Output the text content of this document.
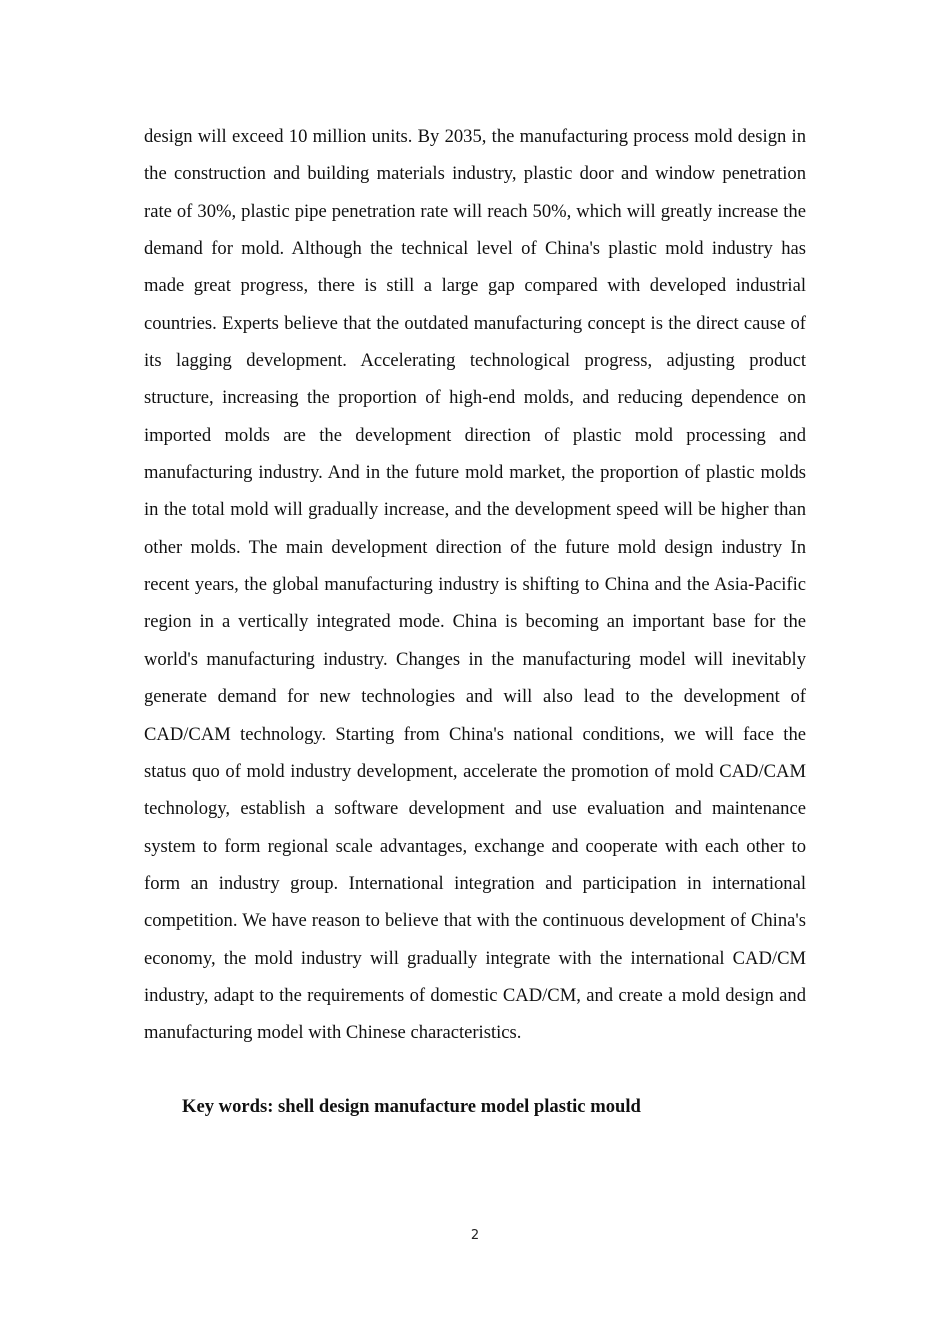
design will exceed 10 million units. By 2035, the manufacturing process mold design in the construction and building materials industry, plastic door and window penetration rate of 30%, plastic pipe penetration rate will reach 50%, which will greatly increase the demand for mold. Although the technical level of China's plastic mold industry has made great progress, there is still a large gap compared with developed industrial countries. Experts believe that the outdated manufacturing concept is the direct cause of its lagging development. Accelerating technological progress, adjusting product structure, increasing the proportion of high-end molds, and reducing dependence on imported molds are the development direction of plastic mold processing and manufacturing industry. And in the future mold market, the proportion of plastic molds in the total mold will gradually increase, and the development speed will be higher than other molds. The main development direction of the future mold design industry In recent years, the global manufacturing industry is shifting to China and the Asia-Pacific region in a vertically integrated mode. China is becoming an important base for the world's manufacturing industry. Changes in the manufacturing model will inevitably generate demand for new technologies and will also lead to the development of CAD/CAM technology. Starting from China's national conditions, we will face the status quo of mold industry development, accelerate the promotion of mold CAD/CAM technology, establish a software development and use evaluation and maintenance system to form regional scale advantages, exchange and cooperate with each other to form an industry group. International integration and participation in international competition. We have reason to believe that with the continuous development of China's economy, the mold industry will gradually integrate with the international CAD/CM industry, adapt to the requirements of domestic CAD/CM, and create a mold design and manufacturing model with Chinese characteristics.

Key words: shell design manufacture model plastic mould

2
